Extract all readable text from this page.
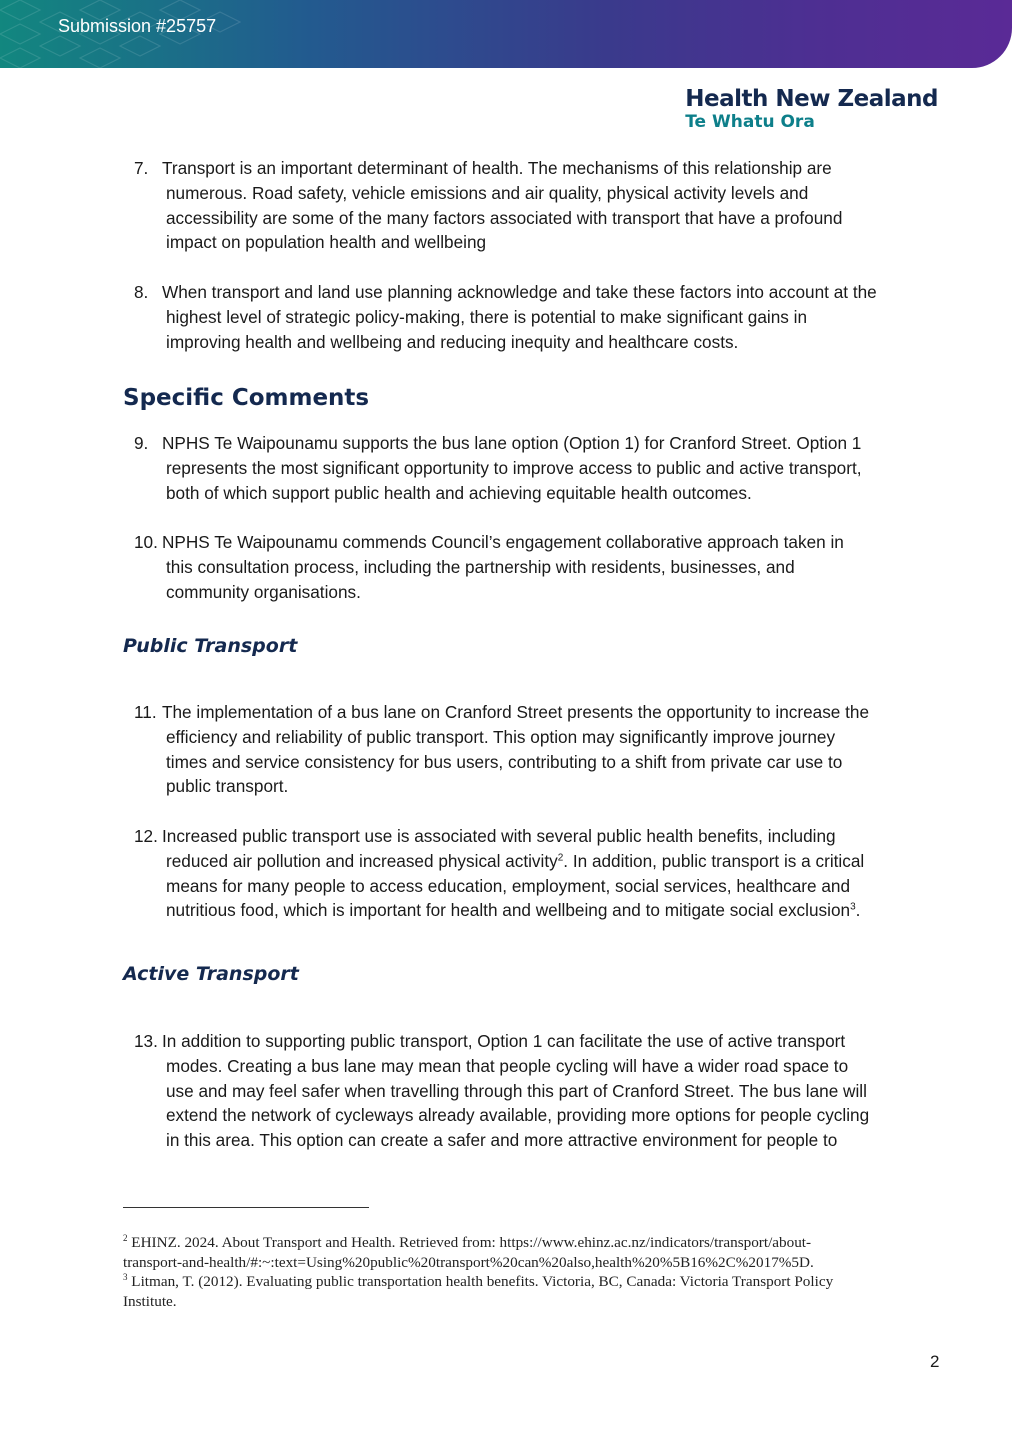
Submission #25757
Health New Zealand
Te Whatu Ora
7. Transport is an important determinant of health. The mechanisms of this relationship are
numerous. Road safety, vehicle emissions and air quality, physical activity levels and
accessibility are some of the many factors associated with transport that have a profound
impact on population health and wellbeing
8. When transport and land use planning acknowledge and take these factors into account at the
highest level of strategic policy-making, there is potential to make significant gains in
improving health and wellbeing and reducing inequity and healthcare costs.
Specific Comments
9. NPHS Te Waipounamu supports the bus lane option (Option 1) for Cranford Street. Option 1
represents the most significant opportunity to improve access to public and active transport,
both of which support public health and achieving equitable health outcomes.
10. NPHS Te Waipounamu commends Council’s engagement collaborative approach taken in
this consultation process, including the partnership with residents, businesses, and
community organisations.
Public Transport
11. The implementation of a bus lane on Cranford Street presents the opportunity to increase the
efficiency and reliability of public transport. This option may significantly improve journey
times and service consistency for bus users, contributing to a shift from private car use to
public transport.
12. Increased public transport use is associated with several public health benefits, including
reduced air pollution and increased physical activity$^2$. In addition, public transport is a critical
means for many people to access education, employment, social services, healthcare and
nutritious food, which is important for health and wellbeing and to mitigate social exclusion$^3$.
Active Transport
13. In addition to supporting public transport, Option 1 can facilitate the use of active transport
modes. Creating a bus lane may mean that people cycling will have a wider road space to
use and may feel safer when travelling through this part of Cranford Street. The bus lane will
extend the network of cycleways already available, providing more options for people cycling
in this area. This option can create a safer and more attractive environment for people to

$^2$ EHINZ. 2024. About Transport and Health. Retrieved from: https://www.ehinz.ac.nz/indicators/transport/about-
transport-and-health/#:~:text=Using%20public%20transport%20can%20also,health%20%5B16%2C%2017%5D.

$^3$ Litman, T. (2012). Evaluating public transportation health benefits. Victoria, BC, Canada: Victoria Transport Policy
Institute.

2
